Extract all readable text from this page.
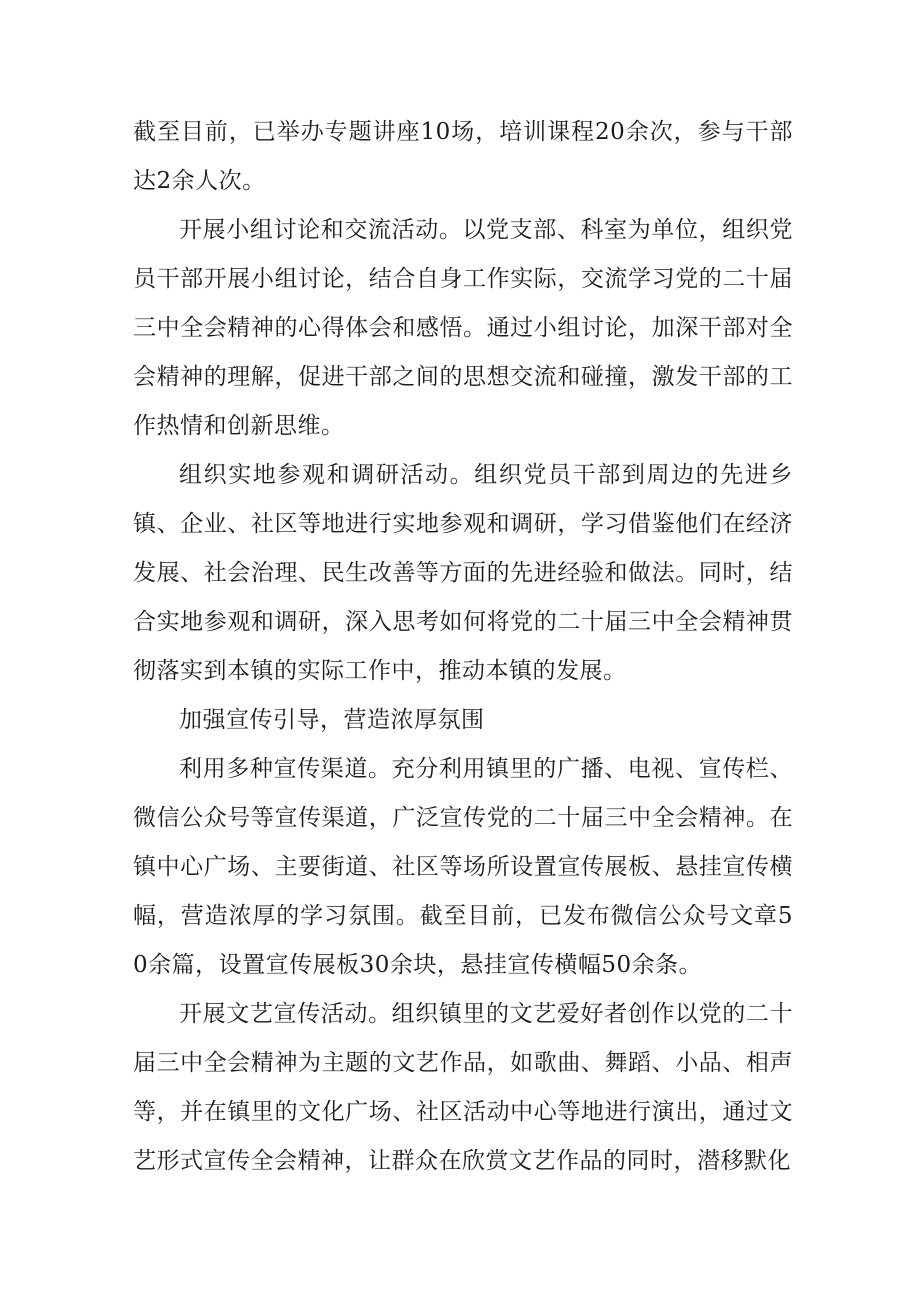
截至目前，已举办专题讲座10场，培训课程20余次，参与干部达2余人次。

开展小组讨论和交流活动。以党支部、科室为单位，组织党员干部开展小组讨论，结合自身工作实际，交流学习党的二十届三中全会精神的心得体会和感悟。通过小组讨论，加深干部对全会精神的理解，促进干部之间的思想交流和碰撞，激发干部的工作热情和创新思维。

组织实地参观和调研活动。组织党员干部到周边的先进乡镇、企业、社区等地进行实地参观和调研，学习借鉴他们在经济发展、社会治理、民生改善等方面的先进经验和做法。同时，结合实地参观和调研，深入思考如何将党的二十届三中全会精神贯彻落实到本镇的实际工作中，推动本镇的发展。

加强宣传引导，营造浓厚氛围

利用多种宣传渠道。充分利用镇里的广播、电视、宣传栏、微信公众号等宣传渠道，广泛宣传党的二十届三中全会精神。在镇中心广场、主要街道、社区等场所设置宣传展板、悬挂宣传横幅，营造浓厚的学习氛围。截至目前，已发布微信公众号文章50余篇，设置宣传展板30余块，悬挂宣传横幅50余条。

开展文艺宣传活动。组织镇里的文艺爱好者创作以党的二十届三中全会精神为主题的文艺作品，如歌曲、舞蹈、小品、相声等，并在镇里的文化广场、社区活动中心等地进行演出，通过文艺形式宣传全会精神，让群众在欣赏文艺作品的同时，潜移默化
